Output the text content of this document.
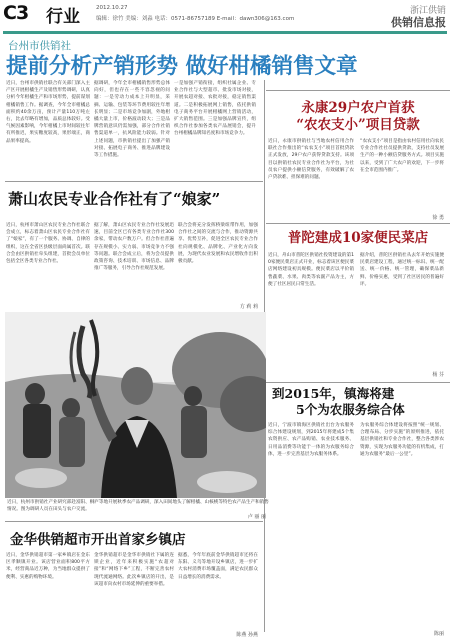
C3 行业	2012.10.27
编辑：徐竹 美编：刘淼 电话：0571-86757189 E-mail：dawn306@163.com
浙江供销
供销信息报
台州市供销社
提前分析产销形势 做好柑橘销售文章
近日，台州市供销社联合有关部门深入主产区开展柑橘生产及销售形势调研，认真分析今年柑橘生产和市场形势，提前谋划柑橘销售工作。据调查，今年全市柑橘总面积约40余万亩，预计产量110万吨左右，比去年略有增加，品质总体较好。受气候因素影响，今年柑橘上市时间较往年有所推迟，果实糖度较高，果形端正，商品果率提高。
据调研，今年全市柑橘销售形势总体向好，但也存在一些不容忽视的问题：一是劳动力成本上升明显，采摘、运输、包装等环节费用较往年增长明显；二是市场竞争加剧，外地柑橘大量上市，价格波动较大；三是品牌营销意识仍需加强，部分合作社销售渠道单一，抗风险能力较弱。针对上述问题，市供销社提出了加强产销对接、拓展电子商务、推进品牌建设等工作措施。
一是加强产销衔接，组织社属企业、专业合作社与大型超市、批发市场对接，开展农超对接、农批对接，稳定销售渠道。二是积极拓展网上销售，依托供销电子商务平台开展柑橘网上营销活动，扩大销售范围。三是加强品牌宣传，组织合作社参加各类农产品展销会，提升台州柑橘品牌知名度和市场竞争力。
永康29户农户首获
“农农支小”项目贷款
近日，永康市供销社与当地农村信用合作联社合作推出的“农农支小”项目首批贷款正式发放，29户农户获得贷款支持。该项目以供销社农民专业合作社为平台，为社员农户提供小额信贷服务，有效破解了农户贷款难、担保难的问题。
“农农支小”项目是指由农村信用社向农民专业合作社社员提供贷款，支持社员发展生产的一种小额信贷服务方式。项目实施以来，受到了广大农户的欢迎，下一步将在全市范围内推广。
徐 勇
萧山农民专业合作社有了“娘家”
近日，杭州市萧山区农民专业合作社联合会成立，标志着萧山区农民专业合作社有了“娘家”，有了一个服务、协调、自律的组织，这在全省区县级层面尚属首次。联合会由区供销社牵头组建，首批会员单位包括全区各类专业合作社。
据了解，萧山区农民专业合作社发展迅速，目前全区已有各类专业合作社300余家，带动农户数万户。但合作社普遍存在规模小、实力弱、市场竞争力不强等问题。联合会成立后，将为会员提供政策咨询、技术培训、市场信息、品牌推广等服务，引导合作社规范发展。
联合会将充分发挥桥梁纽带作用，加强合作社之间的交流与合作，推动资源共享、优势互补，促进全区农民专业合作社向规模化、品牌化、产业化方向发展，为现代农业发展和农民增收作出积极贡献。
方 莉 莉
近日，杭州市供销社产业研究部赴富阳、桐庐等地开展秋季农产品调研，深入田间地头了解柑橘、山核桃等特色农产品生产和销售情况。图为调研人员在田头与农户交流。
卢 丽 丽
普陀建成10家便民菜店
近日，舟山市普陀区供销社投资建设的第10家便民菜店正式开业，标志着该区便民菜店网络建设初具规模。便民菜店以平价销售蔬菜、水果、肉类等农副产品为主，方便了社区居民日常生活。
据介绍，普陀区供销社从去年开始实施便民菜店建设工程，通过统一标识、统一配送、统一价格、统一管理，确保菜品新鲜、价格实惠，受到了社区居民的普遍好评。
杨 芬
到2015年，镇海将建
5个为农服务综合体
近日，宁波市镇海区供销社出台为农服务综合体建设规划，到2015年将建成5个集农资供应、农产品购销、农业技术服务、日用品消费等功能于一体的为农服务综合体，进一步完善基层为农服务体系。
为农服务综合体建设将按照“统一规划、合理布局、分步实施”的原则推进，依托基层供销社和专业合作社，整合各类涉农资源，实现为农服务功能的有机集成，打通为农服务“最后一公里”。
陈丽
金华供销超市开出首家乡镇店
近日，金华供销超市第一家乡镇店在金东区孝顺镇开业。该店营业面积800平方米，经营商品近万种，为当地群众提供了便利、实惠的购物环境。
金华供销超市是金华市供销社下属的连锁企业，近年来积极实施“农超对接”和“网络下乡”工程，不断完善农村现代流通网络。此次乡镇店的开出，是该超市向农村市场延伸的重要举措。
据悉，今年年底前金华供销超市还将在东阳、义乌等地开设乡镇店，进一步扩大农村消费市场覆盖面，满足农民群众日益增长的消费需求。
陈燕 孙燕
